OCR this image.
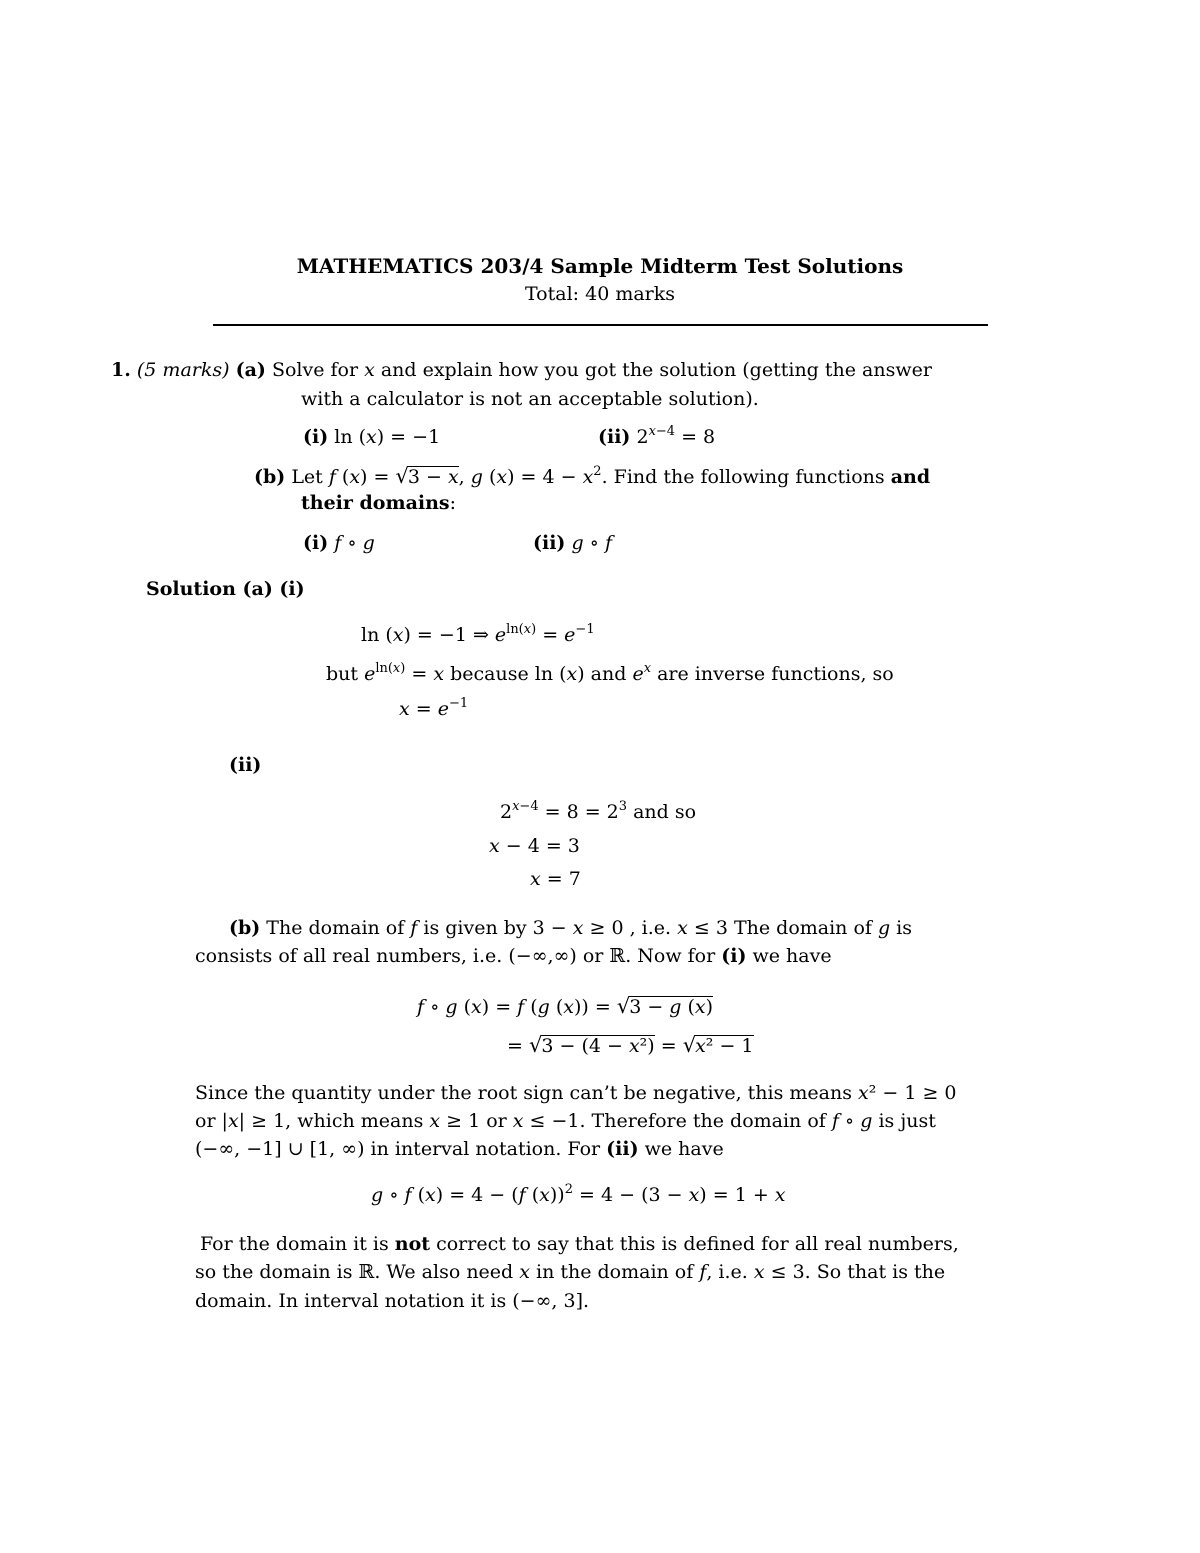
MATHEMATICS 203/4 Sample Midterm Test Solutions
Total: 40 marks
1. (5 marks) (a) Solve for 𝑥 and explain how you got the solution (getting the answer
with a calculator is not an acceptable solution).
(i) ln (𝑥) = −1	(ii) $2^{𝑥-4} = 8$
(b) Let 𝑓 (𝑥) = √3 − 𝑥, 𝑔 (𝑥) = 4 − 𝑥$^2$. Find the following functions and
their domains:
(i) 𝑓 ∘ 𝑔	(ii) 𝑔 ∘ 𝑓
Solution (a) (i)
ln (𝑥) = −1 ⇒ 𝑒$^{ln(𝑥)}$ = 𝑒$^{-1}$
but 𝑒$^{ln(𝑥)}$ = 𝑥 because ln (𝑥) and 𝑒$^𝑥$ are inverse functions, so
𝑥 = 𝑒$^{-1}$
(ii)
$2^{𝑥-4} = 8 = 2^3$ and so
𝑥 − 4 = 3
𝑥 = 7
(b) The domain of 𝑓 is given by 3 − 𝑥 ≥ 0 , i.e. 𝑥 ≤ 3 The domain of 𝑔 is
consists of all real numbers, i.e. (−∞,∞) or ℝ. Now for (i) we have
𝑓 ∘ 𝑔 (𝑥) = 𝑓 (𝑔 (𝑥)) = √3 − 𝑔 (𝑥)
= √3 − (4 − 𝑥²) = √𝑥² − 1
Since the quantity under the root sign can’t be negative, this means 𝑥² − 1 ≥ 0
or |𝑥| ≥ 1, which means 𝑥 ≥ 1 or 𝑥 ≤ −1. Therefore the domain of 𝑓 ∘ 𝑔 is just
(−∞, −1] ∪ [1, ∞) in interval notation. For (ii) we have
𝑔 ∘ 𝑓 (𝑥) = 4 − (𝑓 (𝑥))$^2$ = 4 − (3 − 𝑥) = 1 + 𝑥
For the domain it is not correct to say that this is defined for all real numbers,
so the domain is ℝ. We also need 𝑥 in the domain of 𝑓, i.e. 𝑥 ≤ 3. So that is the
domain. In interval notation it is (−∞, 3].
